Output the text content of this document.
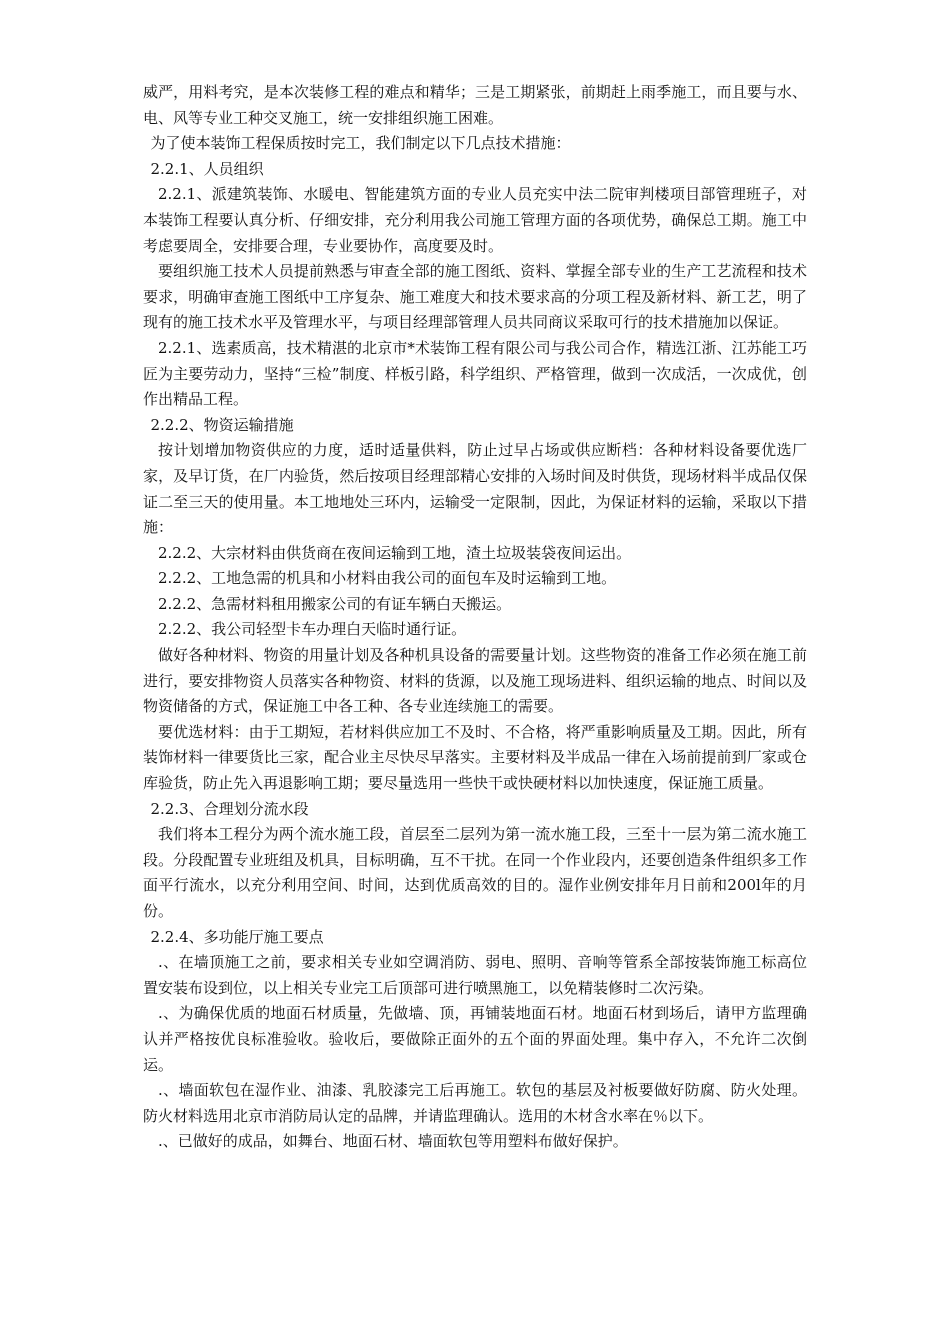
威严，用料考究，是本次装修工程的难点和精华；三是工期紧张，前期赶上雨季施工，而且要与水、电、风等专业工种交叉施工，统一安排组织施工困难。

为了使本装饰工程保质按时完工，我们制定以下几点技术措施：

2.2.1、人员组织

2.2.1、派建筑装饰、水暖电、智能建筑方面的专业人员充实中法二院审判楼项目部管理班子，对本装饰工程要认真分析、仔细安排，充分利用我公司施工管理方面的各项优势，确保总工期。施工中考虑要周全，安排要合理，专业要协作，高度要及时。

要组织施工技术人员提前熟悉与审查全部的施工图纸、资料、掌握全部专业的生产工艺流程和技术要求，明确审查施工图纸中工序复杂、施工难度大和技术要求高的分项工程及新材料、新工艺，明了现有的施工技术水平及管理水平，与项目经理部管理人员共同商议采取可行的技术措施加以保证。

2.2.1、选素质高，技术精湛的北京市*术装饰工程有限公司与我公司合作，精选江浙、江苏能工巧匠为主要劳动力，坚持“三检”制度、样板引路，科学组织、严格管理，做到一次成活，一次成优，创作出精品工程。

2.2.2、物资运输措施

按计划增加物资供应的力度，适时适量供料，防止过早占场或供应断档：各种材料设备要优选厂家，及早订货，在厂内验货，然后按项目经理部精心安排的入场时间及时供货，现场材料半成品仅保证二至三天的使用量。本工地地处三环内，运输受一定限制，因此，为保证材料的运输，采取以下措施：

2.2.2、大宗材料由供货商在夜间运输到工地，渣土垃圾装袋夜间运出。

2.2.2、工地急需的机具和小材料由我公司的面包车及时运输到工地。

2.2.2、急需材料租用搬家公司的有证车辆白天搬运。

2.2.2、我公司轻型卡车办理白天临时通行证。

做好各种材料、物资的用量计划及各种机具设备的需要量计划。这些物资的准备工作必须在施工前进行，要安排物资人员落实各种物资、材料的货源，以及施工现场进料、组织运输的地点、时间以及物资储备的方式，保证施工中各工种、各专业连续施工的需要。

要优选材料：由于工期短，若材料供应加工不及时、不合格，将严重影响质量及工期。因此，所有装饰材料一律要货比三家，配合业主尽快尽早落实。主要材料及半成品一律在入场前提前到厂家或仓库验货，防止先入再退影响工期；要尽量选用一些快干或快硬材料以加快速度，保证施工质量。

2.2.3、合理划分流水段

我们将本工程分为两个流水施工段，首层至二层列为第一流水施工段，三至十一层为第二流水施工段。分段配置专业班组及机具，目标明确，互不干扰。在同一个作业段内，还要创造条件组织多工作面平行流水，以充分利用空间、时间，达到优质高效的目的。湿作业例安排年月日前和200l年的月份。

2.2.4、多功能厅施工要点

.、在墙顶施工之前，要求相关专业如空调消防、弱电、照明、音响等管系全部按装饰施工标高位置安装布设到位，以上相关专业完工后顶部可进行喷黑施工，以免精装修时二次污染。

.、为确保优质的地面石材质量，先做墙、顶，再铺装地面石材。地面石材到场后，请甲方监理确认并严格按优良标准验收。验收后，要做除正面外的五个面的界面处理。集中存入，不允许二次倒运。

.、墙面软包在湿作业、油漆、乳胶漆完工后再施工。软包的基层及衬板要做好防腐、防火处理。防火材料选用北京市消防局认定的品牌，并请监理确认。选用的木材含水率在％以下。

.、已做好的成品，如舞台、地面石材、墙面软包等用塑料布做好保护。
